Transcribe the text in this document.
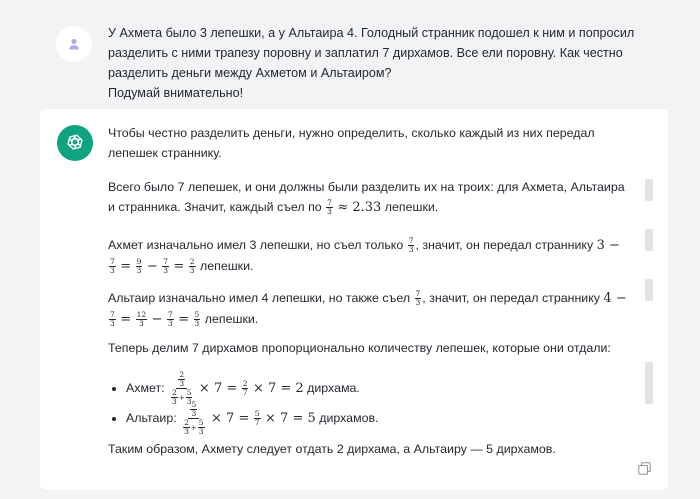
У Ахмета было 3 лепешки, а у Альтаира 4. Голодный странник подошел к ним и попросил разделить с ними трапезу поровну и заплатил 7 дирхамов. Все ели поровну. Как честно разделить деньги между Ахметом и Альтаиром?

Подумай внимательно!

Чтобы честно разделить деньги, нужно определить, сколько каждый из них передал лепешек страннику.

Всего было 7 лепешек, и они должны были разделить их на троих: для Ахмета, Альтаира и странника. Значит, каждый съел по $\frac{7}{3} \approx 2.33$ лепешки.

Ахмет изначально имел 3 лепешки, но съел только $\frac{7}{3}$ , значит, он передал страннику 3 −
$\frac{7}{3} = \frac{9}{3} - \frac{7}{3} = \frac{2}{3}$ лепешки.

Альтаир изначально имел 4 лепешки, но также съел $\frac{7}{3}$ , значит, он передал страннику 4 −
$\frac{7}{3} = \frac{12}{3} - \frac{7}{3} = \frac{5}{3}$ лепешки.

Теперь делим 7 дирхамов пропорционально количеству лепешек, которые они отдали:

• Ахмет: $\frac{\frac{2}{3}}{\frac{2}{3} + \frac{5}{3}} \times 7 = \frac{2}{7} \times 7 = 2$ дирхама.
• Альтаир: $\frac{\frac{5}{3}}{\frac{2}{3} + \frac{5}{3}} \times 7 = \frac{5}{7} \times 7 = 5$ дирхамов.

Таким образом, Ахмету следует отдать 2 дирхама, а Альтаиру — 5 дирхамов.
